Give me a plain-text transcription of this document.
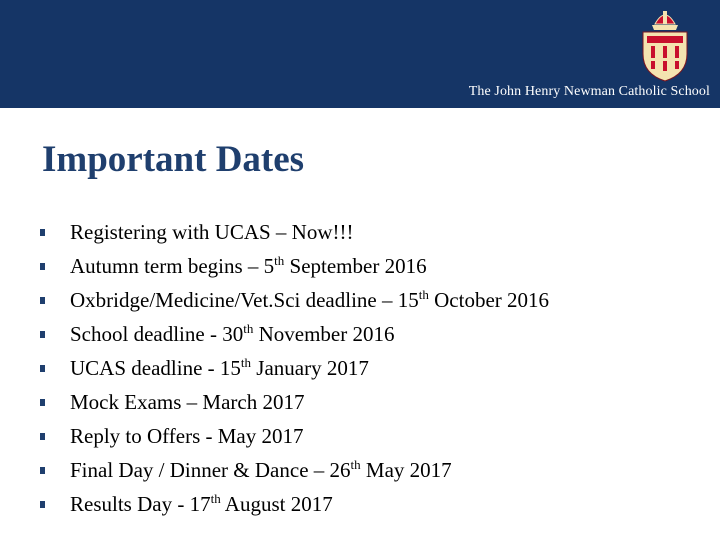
The John Henry Newman Catholic School
Important Dates
Registering with UCAS – Now!!!
Autumn term begins – 5th September 2016
Oxbridge/Medicine/Vet.Sci deadline – 15th October 2016
School deadline - 30th November 2016
UCAS deadline - 15th January 2017
Mock Exams – March 2017
Reply to Offers - May 2017
Final Day / Dinner & Dance – 26th May 2017
Results Day - 17th August 2017
